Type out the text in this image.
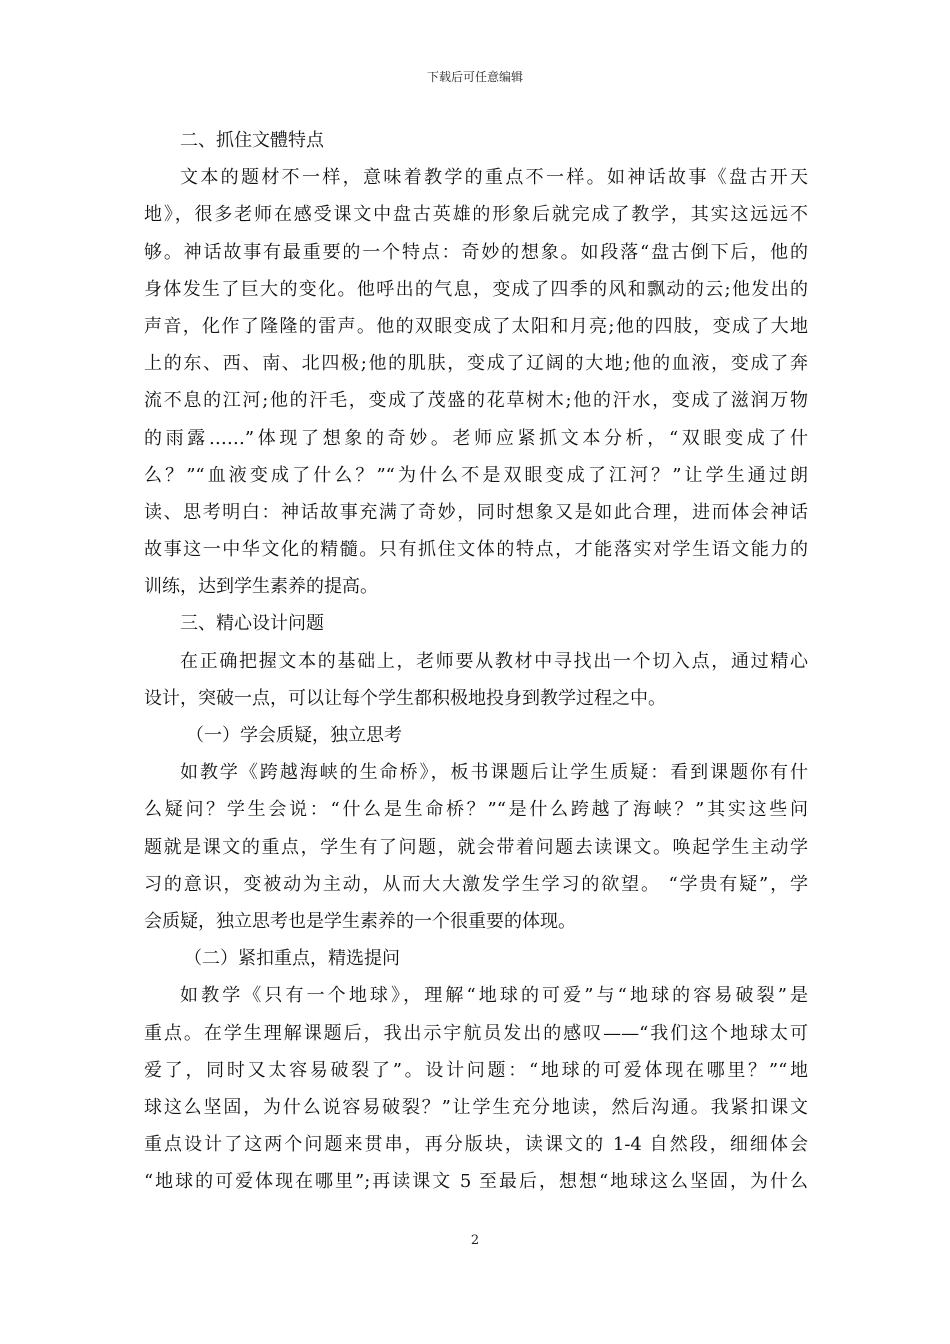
下载后可任意编辑
二、抓住文體特点
文本的题材不一样，意味着教学的重点不一样。如神话故事《盘古开天
地》，很多老师在感受课文中盘古英雄的形象后就完成了教学，其实这远远不
够。神话故事有最重要的一个特点：奇妙的想象。如段落“盘古倒下后，他的
身体发生了巨大的变化。他呼出的气息，变成了四季的风和飘动的云;他发出的
声音，化作了隆隆的雷声。他的双眼变成了太阳和月亮;他的四肢，变成了大地
上的东、西、南、北四极;他的肌肤，变成了辽阔的大地;他的血液，变成了奔
流不息的江河;他的汗毛，变成了茂盛的花草树木;他的汗水，变成了滋润万物
的雨露……”体现了想象的奇妙。老师应紧抓文本分析，“双眼变成了什
么？”“血液变成了什么？”“为什么不是双眼变成了江河？”让学生通过朗
读、思考明白：神话故事充满了奇妙，同时想象又是如此合理，进而体会神话
故事这一中华文化的精髓。只有抓住文体的特点，才能落实对学生语文能力的
训练，达到学生素养的提高。
三、精心设计问题
在正确把握文本的基础上，老师要从教材中寻找出一个切入点，通过精心
设计，突破一点，可以让每个学生都积极地投身到教学过程之中。
（一）学会质疑，独立思考
如教学《跨越海峡的生命桥》，板书课题后让学生质疑：看到课题你有什
么疑问？学生会说：“什么是生命桥？”“是什么跨越了海峡？”其实这些问
题就是课文的重点，学生有了问题，就会带着问题去读课文。唤起学生主动学
习的意识，变被动为主动，从而大大激发学生学习的欲望。 “学贵有疑”，学
会质疑，独立思考也是学生素养的一个很重要的体现。
（二）紧扣重点，精选提问
如教学《只有一个地球》，理解“地球的可爱”与“地球的容易破裂”是
重点。在学生理解课题后，我出示宇航员发出的感叹——“我们这个地球太可
爱了，同时又太容易破裂了”。设计问题：“地球的可爱体现在哪里？”“地
球这么坚固，为什么说容易破裂？”让学生充分地读，然后沟通。我紧扣课文
重点设计了这两个问题来贯串，再分版块，读课文的 1-4 自然段，细细体会
“地球的可爱体现在哪里”;再读课文 5 至最后，想想“地球这么坚固，为什么
2
